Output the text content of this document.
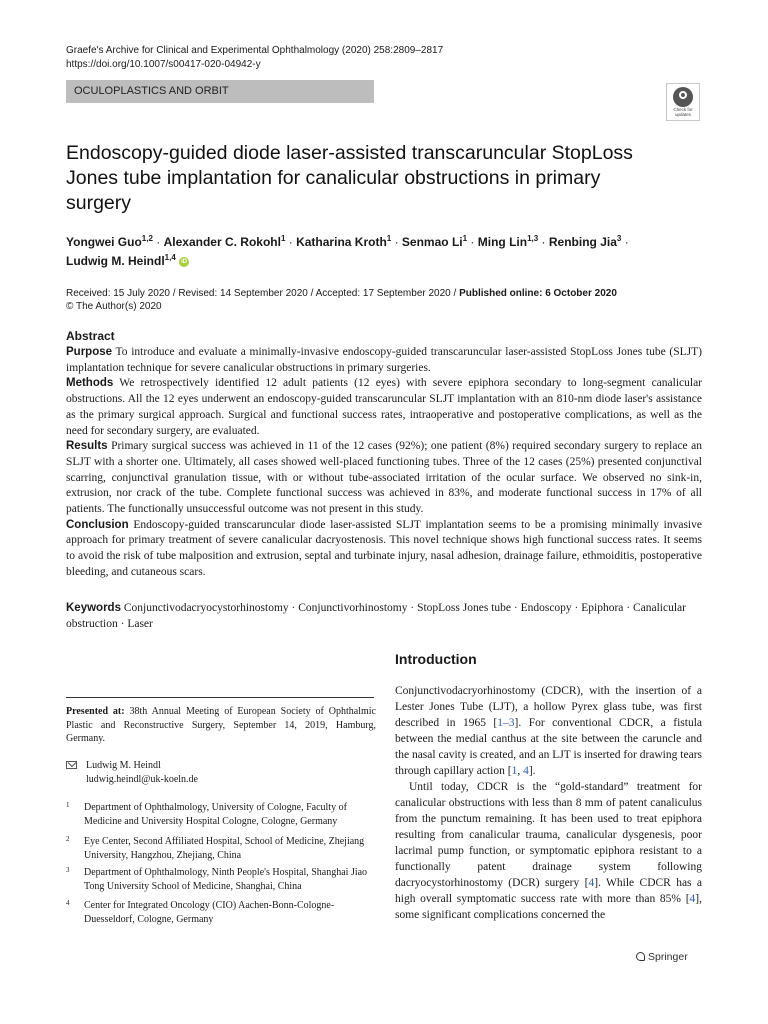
Graefe's Archive for Clinical and Experimental Ophthalmology (2020) 258:2809–2817
https://doi.org/10.1007/s00417-020-04942-y
OCULOPLASTICS AND ORBIT
Check for
updates
Endoscopy-guided diode laser-assisted transcaruncular StopLoss Jones tube implantation for canalicular obstructions in primary surgery
Yongwei Guo$^{1,2}$ · Alexander C. Rokohl$^1$ · Katharina Kroth$^1$ · Senmao $Li^1$ · Ming Lin$^{1,3}$ · Renbing Jia$^3$ ·
Ludwig M. Heindl$^{1,4}$ iD
Received: 15 July 2020 / Revised: 14 September 2020 / Accepted: 17 September 2020 / Published online: 6 October 2020
© The Author(s) 2020
Abstract

Purpose To introduce and evaluate a minimally-invasive endoscopy-guided transcaruncular laser-assisted StopLoss Jones tube (SLJT) implantation technique for severe canalicular obstructions in primary surgeries.

Methods We retrospectively identified 12 adult patients (12 eyes) with severe epiphora secondary to long-segment canalicular obstructions. All the 12 eyes underwent an endoscopy-guided transcaruncular SLJT implantation with an 810-nm diode laser's assistance as the primary surgical approach. Surgical and functional success rates, intraoperative and postoperative complications, as well as the need for secondary surgery, are evaluated.

Results Primary surgical success was achieved in 11 of the 12 cases (92%); one patient (8%) required secondary surgery to replace an SLJT with a shorter one. Ultimately, all cases showed well-placed functioning tubes. Three of the 12 cases (25%) presented conjunctival scarring, conjunctival granulation tissue, with or without tube-associated irritation of the ocular surface. We observed no sink-in, extrusion, nor crack of the tube. Complete functional success was achieved in 83%, and moderate functional success in 17% of all patients. The functionally unsuccessful outcome was not present in this study.

Conclusion Endoscopy-guided transcaruncular diode laser-assisted SLJT implantation seems to be a promising minimally invasive approach for primary treatment of severe canalicular dacryostenosis. This novel technique shows high functional success rates. It seems to avoid the risk of tube malposition and extrusion, septal and turbinate injury, nasal adhesion, drainage failure, ethmoiditis, postoperative bleeding, and cutaneous scars.

Keywords Conjunctivodacryocystorhinostomy · Conjunctivorhinostomy · StopLoss Jones tube · Endoscopy · Epiphora · Canalicular obstruction · Laser
Introduction
Presented at: 38th Annual Meeting of European Society of Ophthalmic Plastic and Reconstructive Surgery, September 14, 2019, Hamburg, Germany.
Ludwig M. Heindl
ludwig.heindl@uk-koeln.de
1 Department of Ophthalmology, University of Cologne, Faculty of Medicine and University Hospital Cologne, Cologne, Germany
2 Eye Center, Second Affiliated Hospital, School of Medicine, Zhejiang University, Hangzhou, Zhejiang, China
3 Department of Ophthalmology, Ninth People's Hospital, Shanghai Jiao Tong University School of Medicine, Shanghai, China
4 Center for Integrated Oncology (CIO) Aachen-Bonn-Cologne-Duesseldorf, Cologne, Germany

Conjunctivodacryorhinostomy (CDCR), with the insertion of a Lester Jones Tube (LJT), a hollow Pyrex glass tube, was first described in 1965 [1–3]. For conventional CDCR, a fistula between the medial canthus at the site between the caruncle and the nasal cavity is created, and an LJT is inserted for drawing tears through capillary action [1, 4].

Until today, CDCR is the “gold-standard” treatment for canalicular obstructions with less than 8 mm of patent canaliculus from the punctum remaining. It has been used to treat epiphora resulting from canalicular trauma, canalicular dysgenesis, poor lacrimal pump function, or symptomatic epiphora resistant to a functionally patent drainage system following dacryocystorhinostomy (DCR) surgery [4]. While CDCR has a high overall symptomatic success rate with more than 85% [4], some significant complications concerned the

Springer
